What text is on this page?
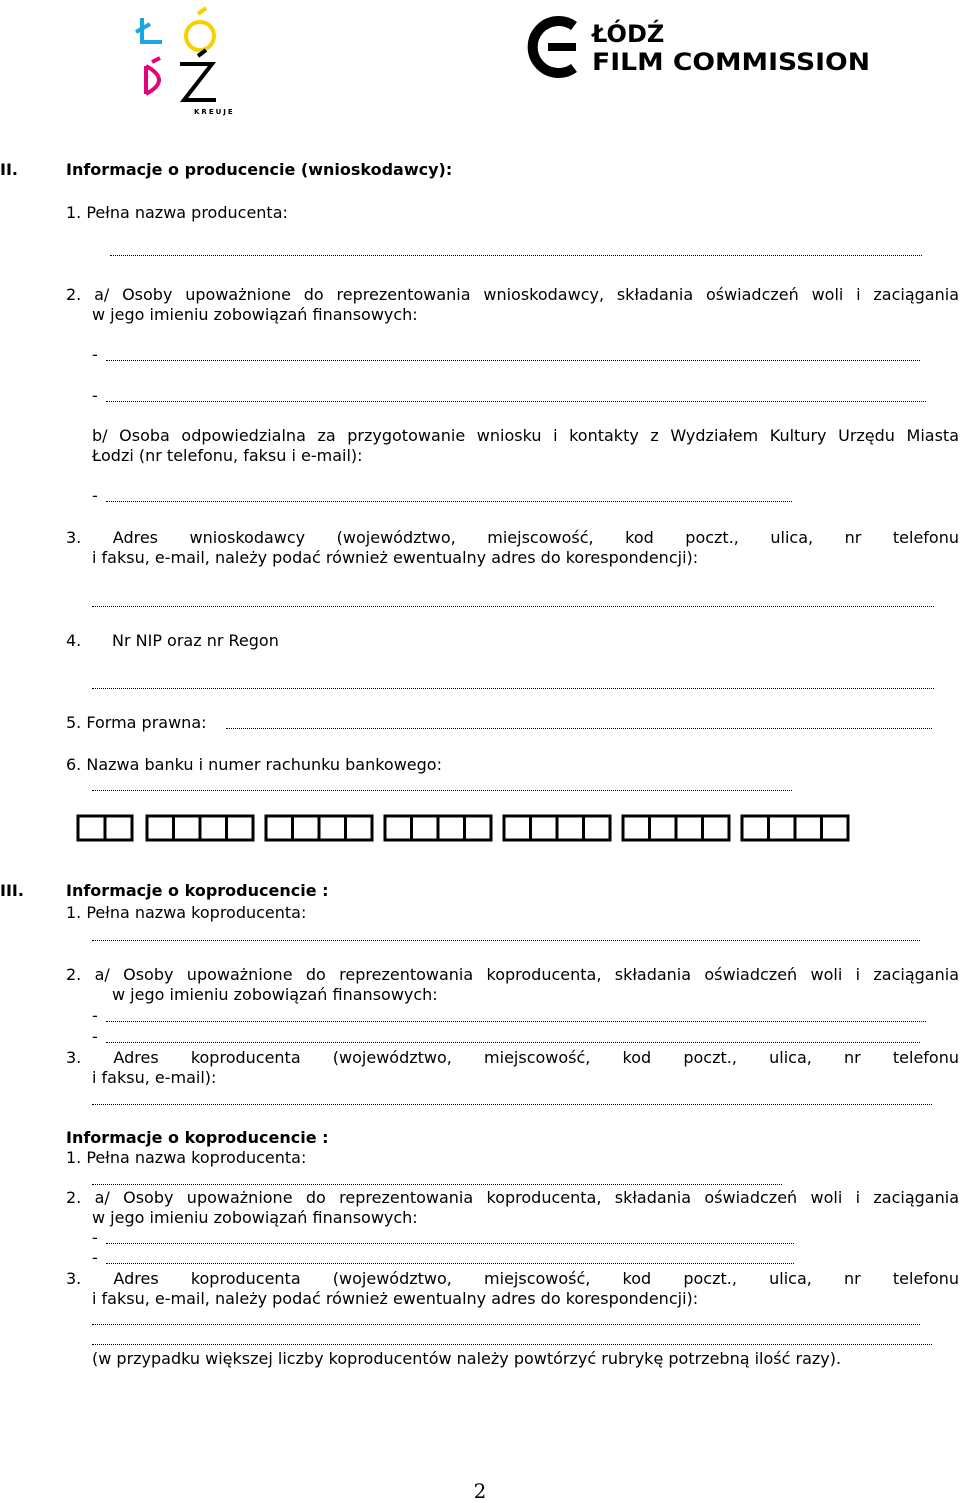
KREUJE
ŁÓDŹ
FILM COMMISSION
II.	Informacje o producencie (wnioskodawcy):
1. Pełna nazwa producenta:
2. a/ Osoby upoważnione do reprezentowania wnioskodawcy, składania oświadczeń woli i zaciągania
w jego imieniu zobowiązań finansowych:
-
-
b/ Osoba odpowiedzialna za przygotowanie wniosku i kontakty z Wydziałem Kultury Urzędu Miasta
Łodzi (nr telefonu, faksu i e-mail):
-
3. Adres wnioskodawcy (województwo, miejscowość, kod poczt., ulica, nr telefonu
i faksu, e-mail, należy podać również ewentualny adres do korespondencji):
4. Nr NIP oraz nr Regon
5. Forma prawna:
6. Nazwa banku i numer rachunku bankowego:
III.	Informacje o koproducencie :
1. Pełna nazwa koproducenta:
2. a/ Osoby upoważnione do reprezentowania koproducenta, składania oświadczeń woli i zaciągania
w jego imieniu zobowiązań finansowych:
-
-
3. Adres koproducenta (województwo, miejscowość, kod poczt., ulica, nr telefonu
i faksu, e-mail):
Informacje o koproducencie :
1. Pełna nazwa koproducenta:
2. a/ Osoby upoważnione do reprezentowania koproducenta, składania oświadczeń woli i zaciągania
w jego imieniu zobowiązań finansowych:
-
-
3. Adres koproducenta (województwo, miejscowość, kod poczt., ulica, nr telefonu
i faksu, e-mail, należy podać również ewentualny adres do korespondencji):
(w przypadku większej liczby koproducentów należy powtórzyć rubrykę potrzebną ilość razy).
2
